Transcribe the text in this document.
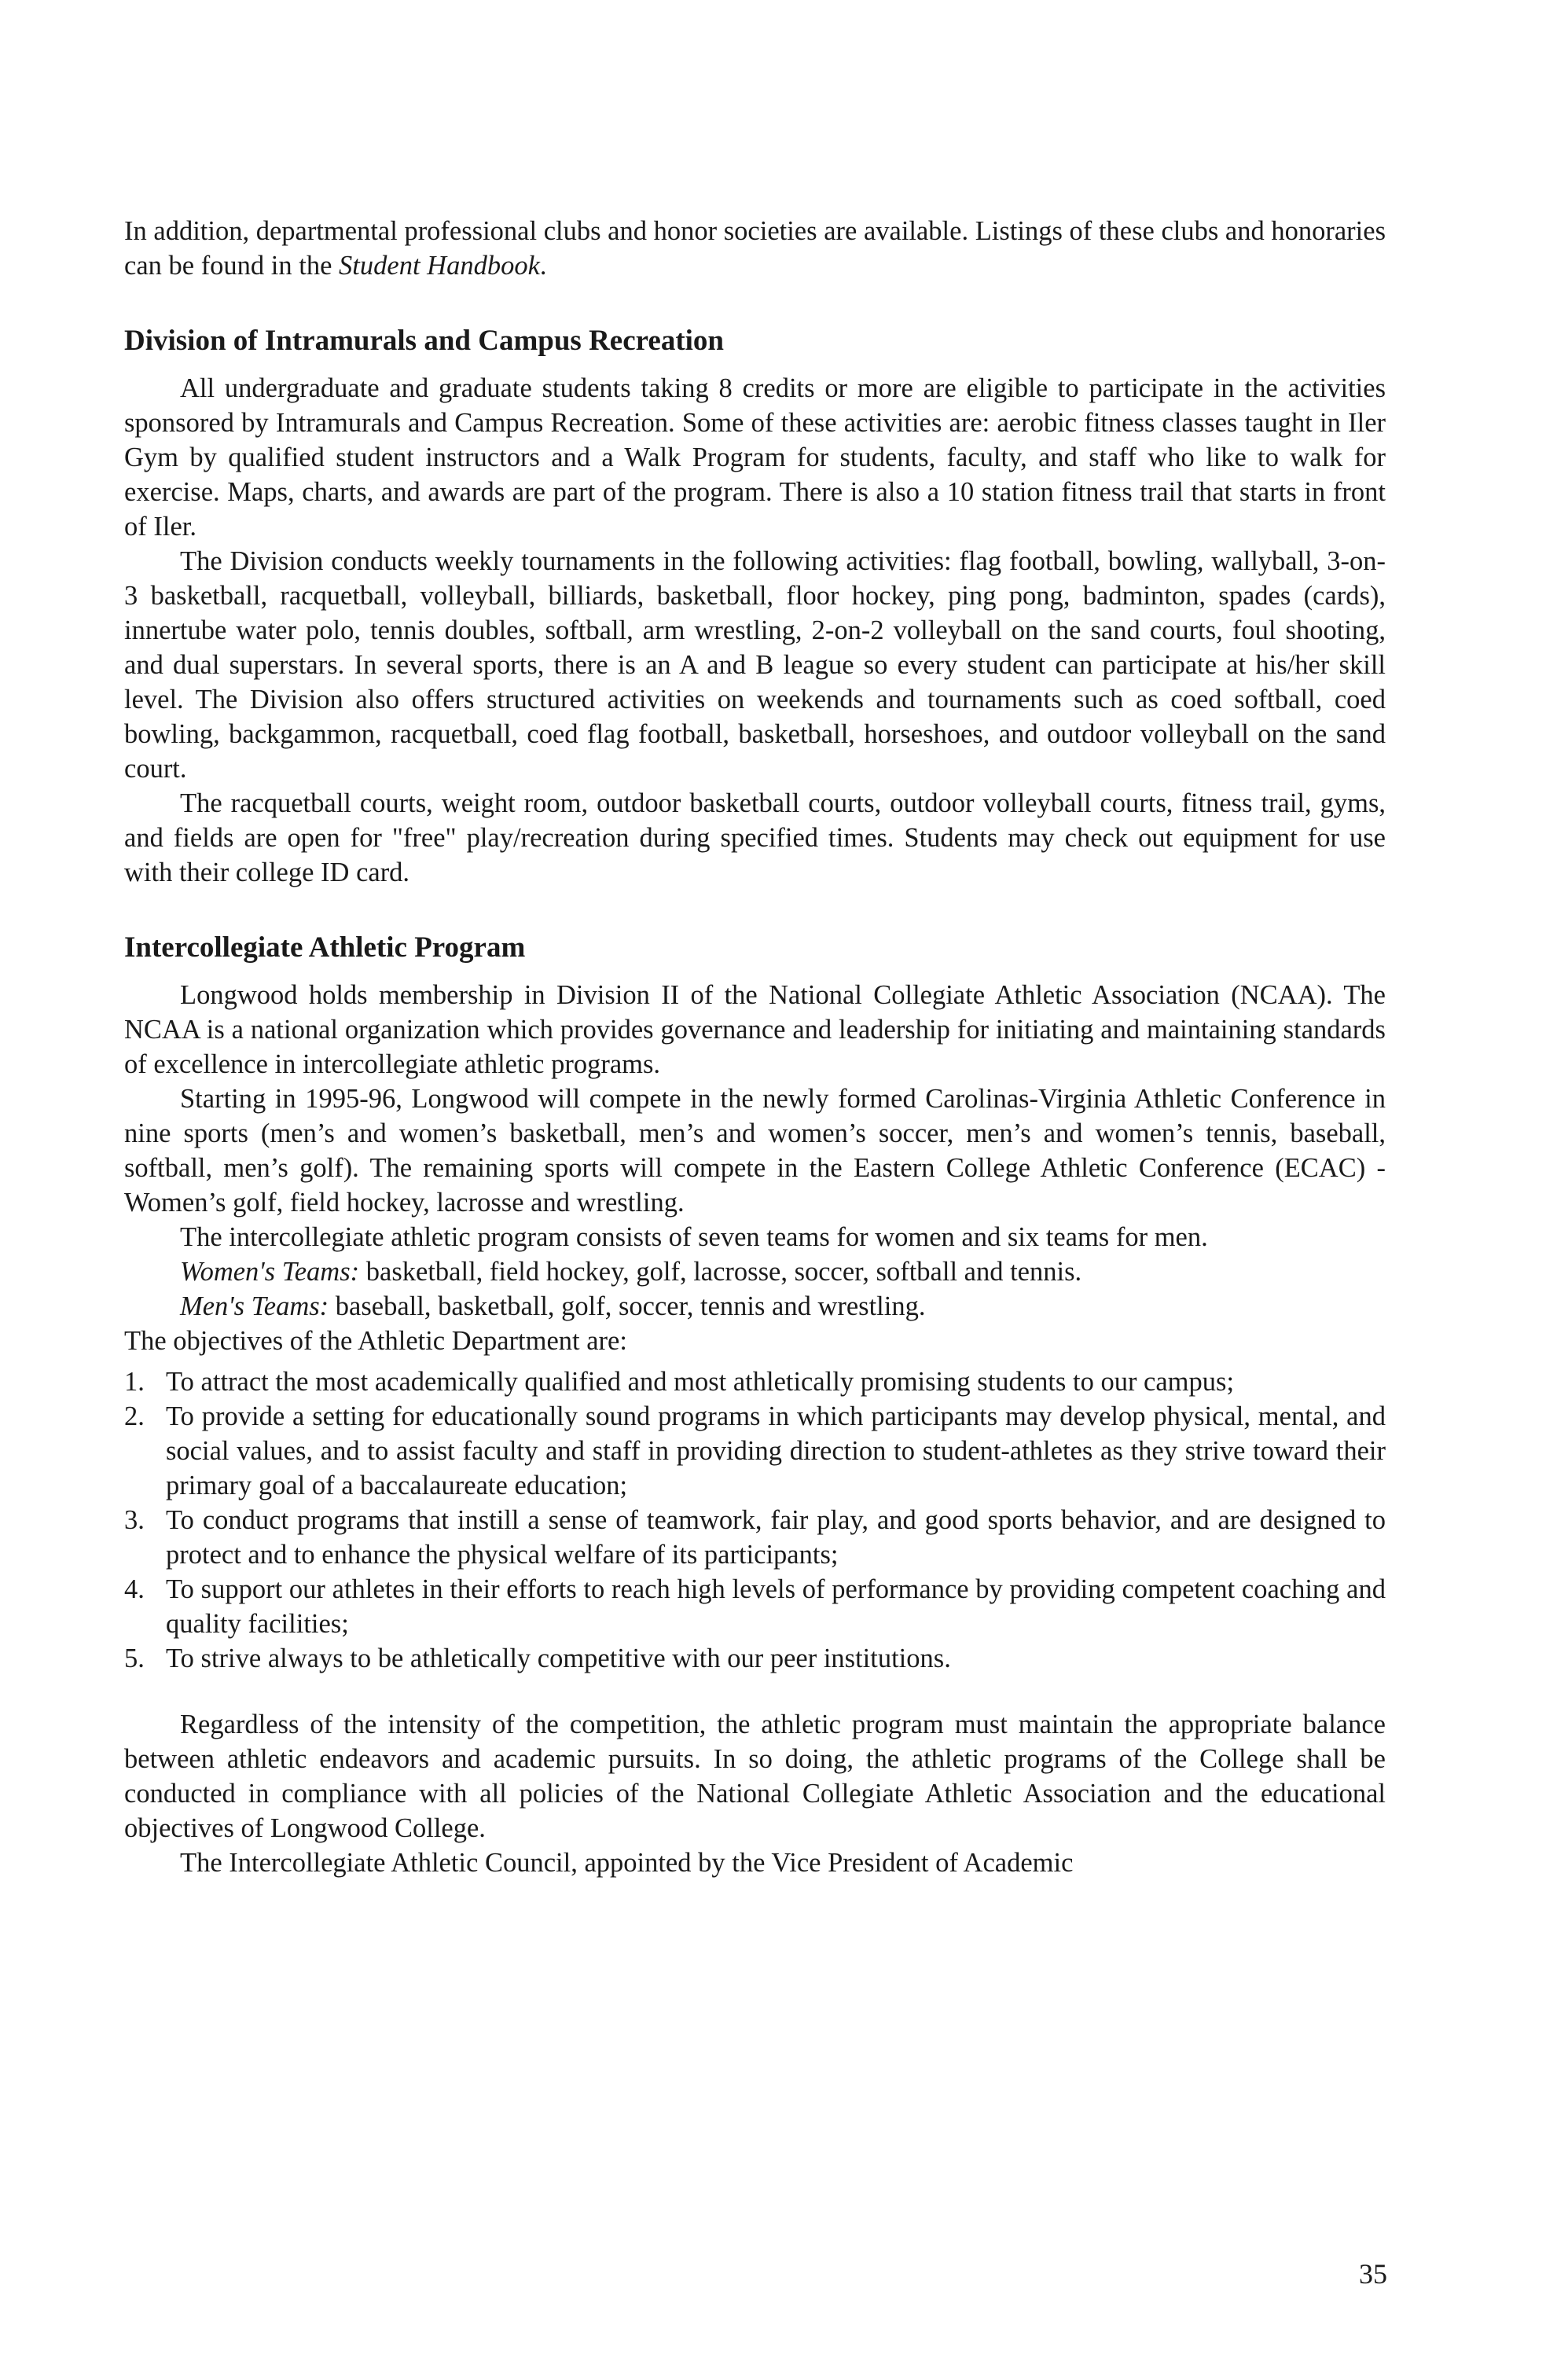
In addition, departmental professional clubs and honor societies are available. Listings of these clubs and honoraries can be found in the Student Handbook.

Division of Intramurals and Campus Recreation

All undergraduate and graduate students taking 8 credits or more are eligible to participate in the activities sponsored by Intramurals and Campus Recreation. Some of these activities are: aerobic fitness classes taught in Iler Gym by qualified student instructors and a Walk Program for students, faculty, and staff who like to walk for exercise. Maps, charts, and awards are part of the program. There is also a 10 station fitness trail that starts in front of Iler.

The Division conducts weekly tournaments in the following activities: flag football, bowling, wallyball, 3-on-3 basketball, racquetball, volleyball, billiards, basketball, floor hockey, ping pong, badminton, spades (cards), innertube water polo, tennis doubles, softball, arm wrestling, 2-on-2 volleyball on the sand courts, foul shooting, and dual superstars. In several sports, there is an A and B league so every student can participate at his/her skill level. The Division also offers structured activities on weekends and tournaments such as coed softball, coed bowling, backgammon, racquetball, coed flag football, basketball, horseshoes, and outdoor volleyball on the sand court.

The racquetball courts, weight room, outdoor basketball courts, outdoor volleyball courts, fitness trail, gyms, and fields are open for "free" play/recreation during specified times. Students may check out equipment for use with their college ID card.

Intercollegiate Athletic Program

Longwood holds membership in Division II of the National Collegiate Athletic Association (NCAA). The NCAA is a national organization which provides governance and leadership for initiating and maintaining standards of excellence in intercollegiate athletic programs.

Starting in 1995-96, Longwood will compete in the newly formed Carolinas-Virginia Athletic Conference in nine sports (men’s and women’s basketball, men’s and women’s soccer, men’s and women’s tennis, baseball, softball, men’s golf). The remaining sports will compete in the Eastern College Athletic Conference (ECAC) - Women’s golf, field hockey, lacrosse and wrestling.

The intercollegiate athletic program consists of seven teams for women and six teams for men.

Women's Teams: basketball, field hockey, golf, lacrosse, soccer, softball and tennis.

Men's Teams: baseball, basketball, golf, soccer, tennis and wrestling.

The objectives of the Athletic Department are:

1. To attract the most academically qualified and most athletically promising students to our campus;
2. To provide a setting for educationally sound programs in which participants may develop physical, mental, and social values, and to assist faculty and staff in providing direction to student-athletes as they strive toward their primary goal of a baccalaureate education;
3. To conduct programs that instill a sense of teamwork, fair play, and good sports behavior, and are designed to protect and to enhance the physical welfare of its participants;
4. To support our athletes in their efforts to reach high levels of performance by providing competent coaching and quality facilities;
5. To strive always to be athletically competitive with our peer institutions.

Regardless of the intensity of the competition, the athletic program must maintain the appropriate balance between athletic endeavors and academic pursuits. In so doing, the athletic programs of the College shall be conducted in compliance with all policies of the National Collegiate Athletic Association and the educational objectives of Longwood College.

The Intercollegiate Athletic Council, appointed by the Vice President of Academic

35
